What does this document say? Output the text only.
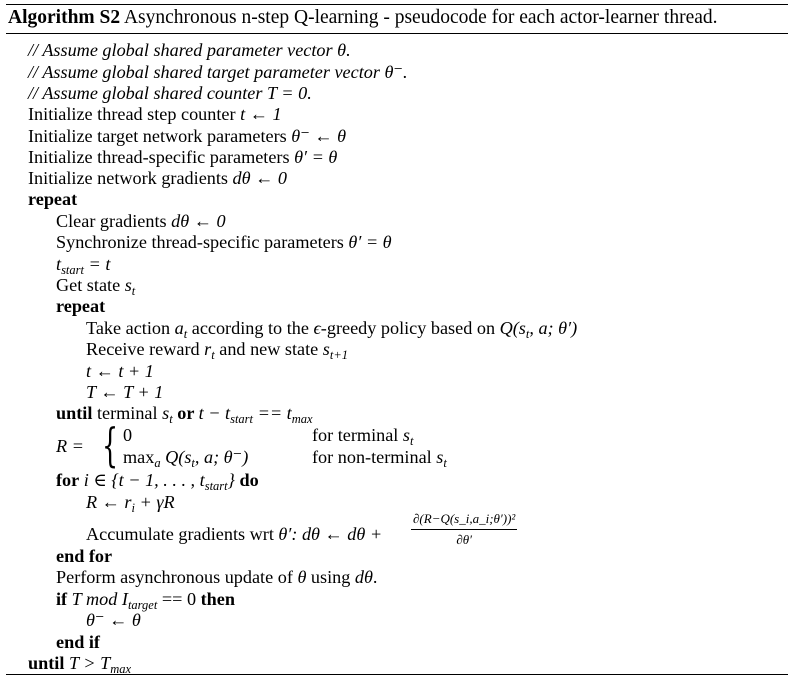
Algorithm S2 Asynchronous n-step Q-learning - pseudocode for each actor-learner thread.
// Assume global shared parameter vector θ.
// Assume global shared target parameter vector θ⁻.
// Assume global shared counter T = 0.
Initialize thread step counter t ← 1
Initialize target network parameters θ⁻ ← θ
Initialize thread-specific parameters θ′ = θ
Initialize network gradients dθ ← 0
repeat
Clear gradients dθ ← 0
Synchronize thread-specific parameters θ′ = θ
$t_{start} = t$
Get state $s_t$
repeat
Take action $a_t$ according to the ϵ-greedy policy based on $Q(s_t$, a; θ′)
Receive reward $r_t$ and new state $s_{t+1}$
t ← t + 1
T ← T + 1
until terminal $s_t$ or $t - t_{start} == t_{max}$
R = { 0	for terminal $s_t$
$\max_a Q(s_t$, a; θ⁻)	for non-terminal $s_t$
for i ∈ {t − 1, . . . , $t_{start}$} do
R ← $r_i + \gamma R$
Accumulate gradients wrt θ′: dθ ← $d\theta + \frac{\text{∂(R−Q(s\_i,a\_i;θ′))²}}{\partial\theta'}$
end for
Perform asynchronous update of θ using dθ.
if T mod $I_{target} == 0$ then
θ⁻ ← θ
end if
until $T > T_{max}$
